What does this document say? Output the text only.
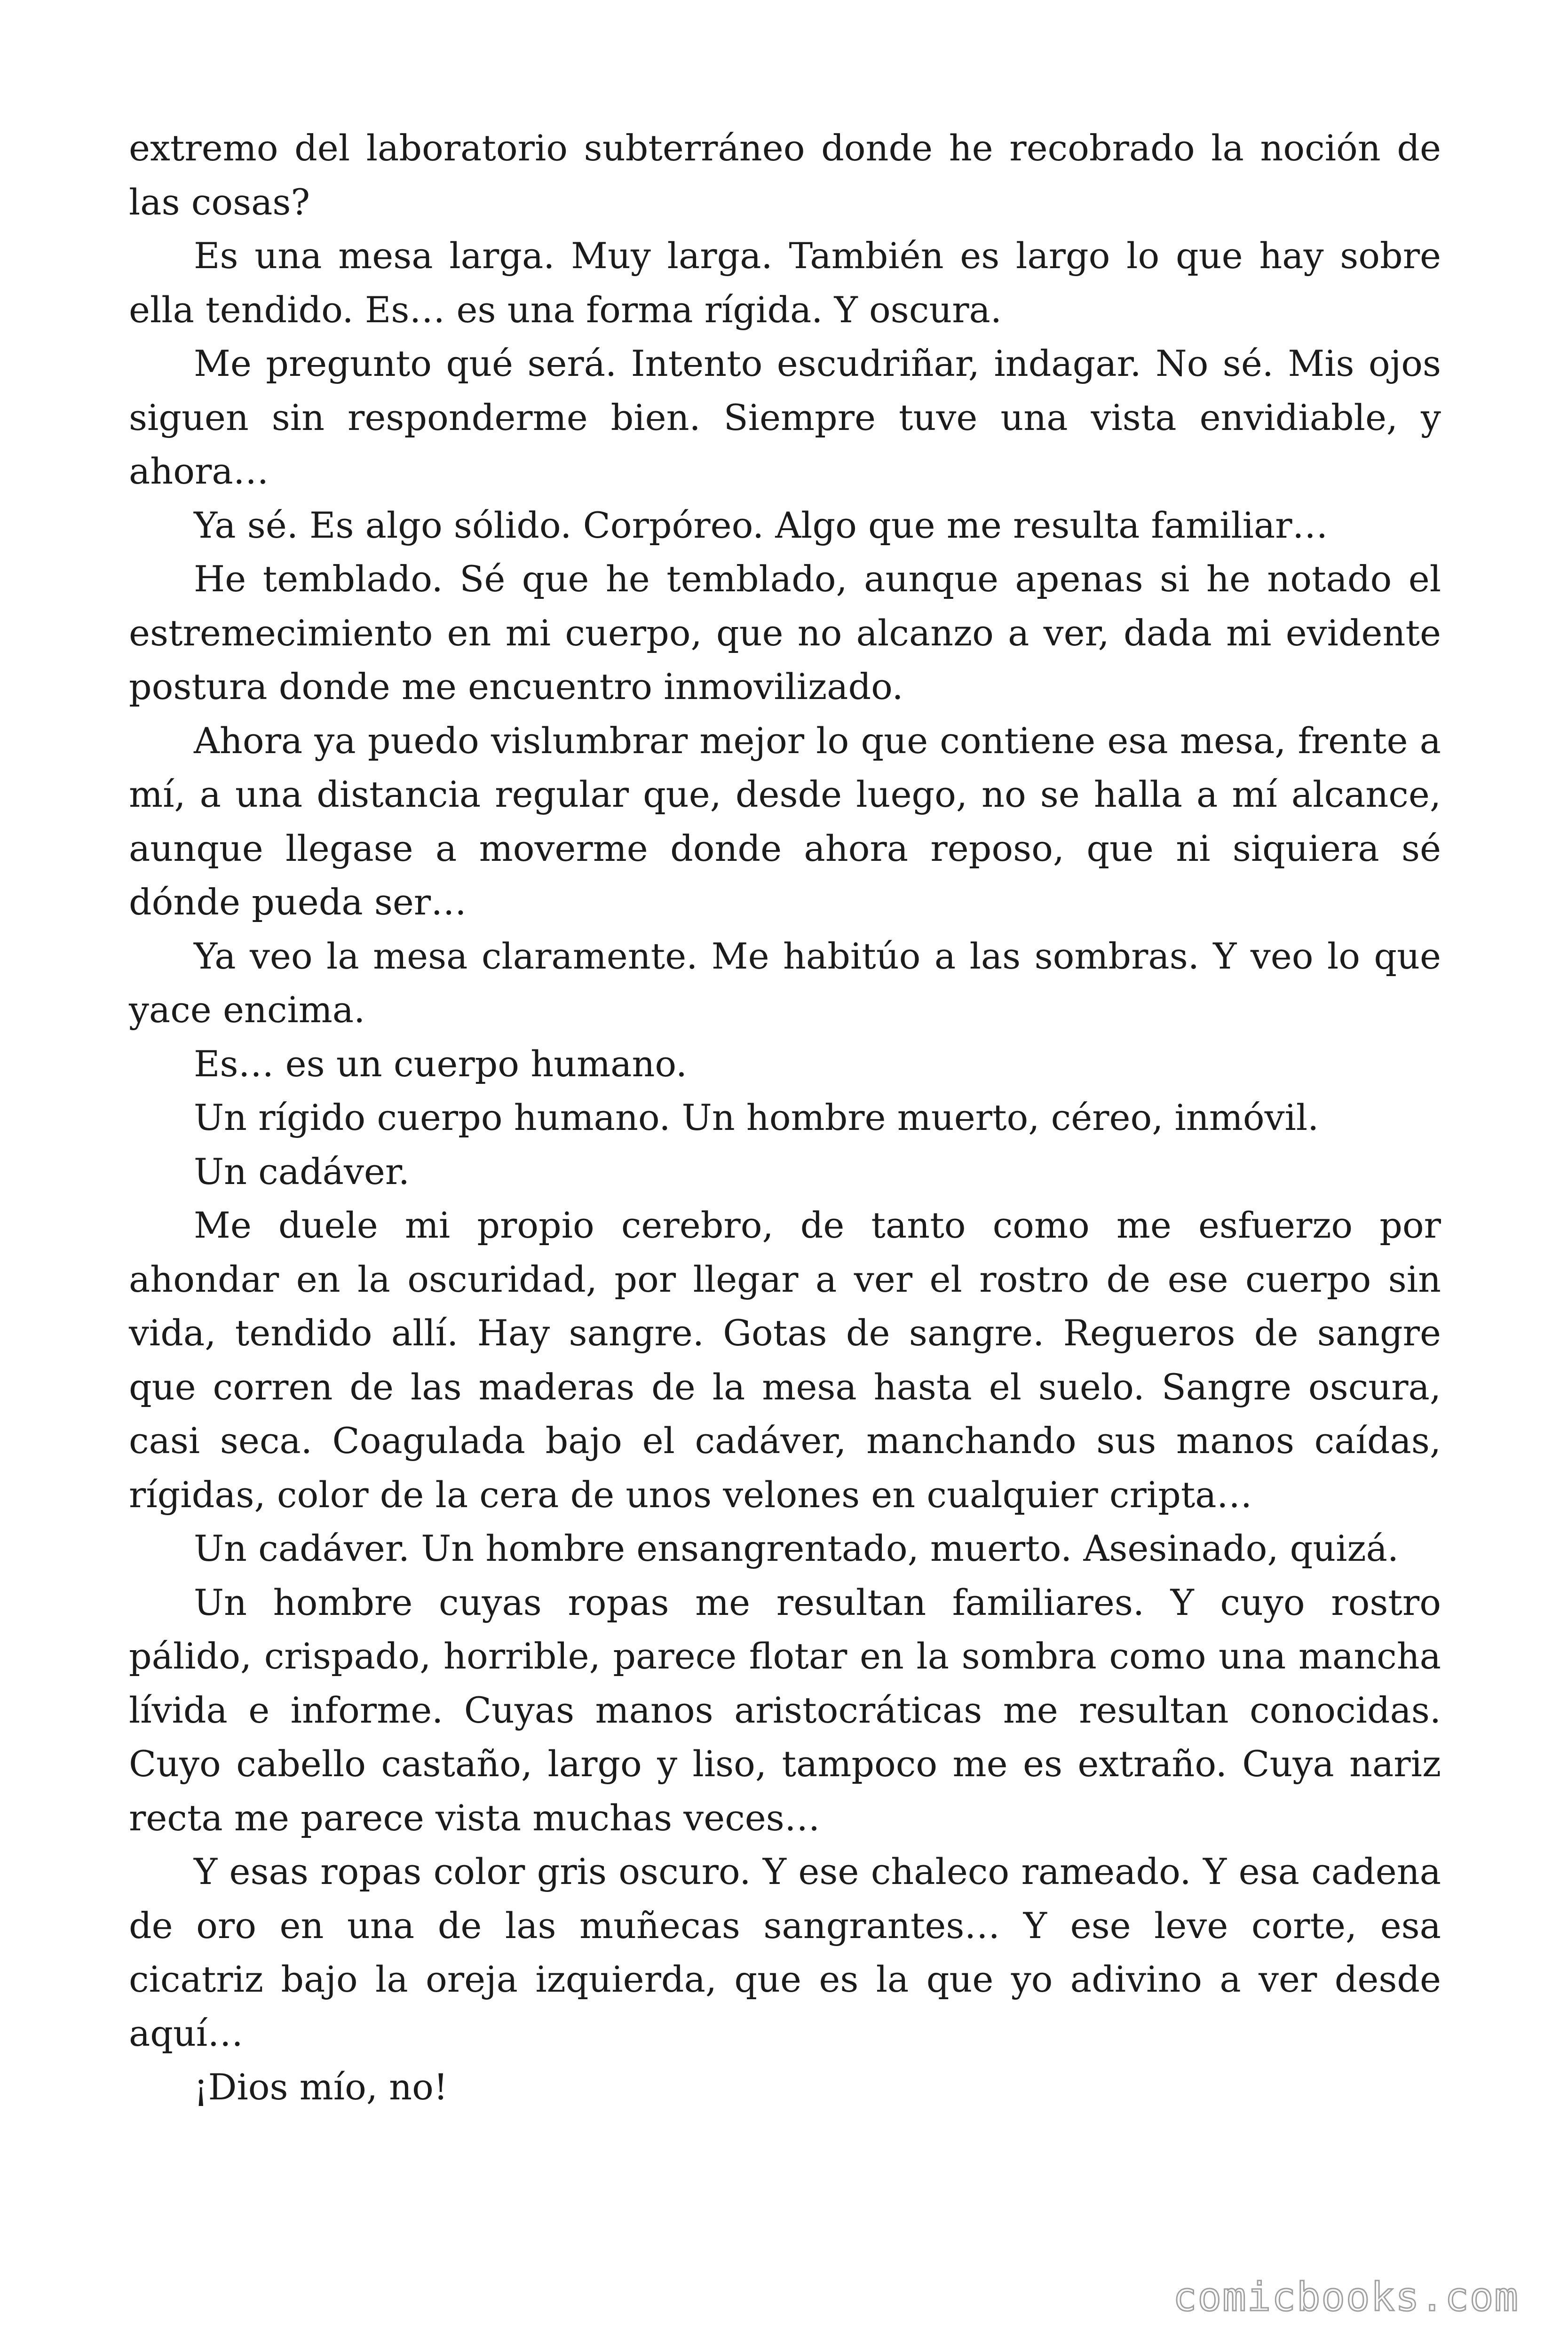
extremo del laboratorio subterráneo donde he recobrado la noción de las cosas?

Es una mesa larga. Muy larga. También es largo lo que hay sobre ella tendido. Es… es una forma rígida. Y oscura.

Me pregunto qué será. Intento escudriñar, indagar. No sé. Mis ojos siguen sin responderme bien. Siempre tuve una vista envidiable, y ahora…

Ya sé. Es algo sólido. Corpóreo. Algo que me resulta familiar…

He temblado. Sé que he temblado, aunque apenas si he notado el estremecimiento en mi cuerpo, que no alcanzo a ver, dada mi evidente postura donde me encuentro inmovilizado.

Ahora ya puedo vislumbrar mejor lo que contiene esa mesa, frente a mí, a una distancia regular que, desde luego, no se halla a mí alcance, aunque llegase a moverme donde ahora reposo, que ni siquiera sé dónde pueda ser…

Ya veo la mesa claramente. Me habitúo a las sombras. Y veo lo que yace encima.

Es… es un cuerpo humano.

Un rígido cuerpo humano. Un hombre muerto, céreo, inmóvil.

Un cadáver.

Me duele mi propio cerebro, de tanto como me esfuerzo por ahondar en la oscuridad, por llegar a ver el rostro de ese cuerpo sin vida, tendido allí. Hay sangre. Gotas de sangre. Regueros de sangre que corren de las maderas de la mesa hasta el suelo. Sangre oscura, casi seca. Coagulada bajo el cadáver, manchando sus manos caídas, rígidas, color de la cera de unos velones en cualquier cripta…

Un cadáver. Un hombre ensangrentado, muerto. Asesinado, quizá.

Un hombre cuyas ropas me resultan familiares. Y cuyo rostro pálido, crispado, horrible, parece flotar en la sombra como una mancha lívida e informe. Cuyas manos aristocráticas me resultan conocidas. Cuyo cabello castaño, largo y liso, tampoco me es extraño. Cuya nariz recta me parece vista muchas veces…

Y esas ropas color gris oscuro. Y ese chaleco rameado. Y esa cadena de oro en una de las muñecas sangrantes… Y ese leve corte, esa cicatriz bajo la oreja izquierda, que es la que yo adivino a ver desde aquí…

¡Dios mío, no!

comicbooks.com
